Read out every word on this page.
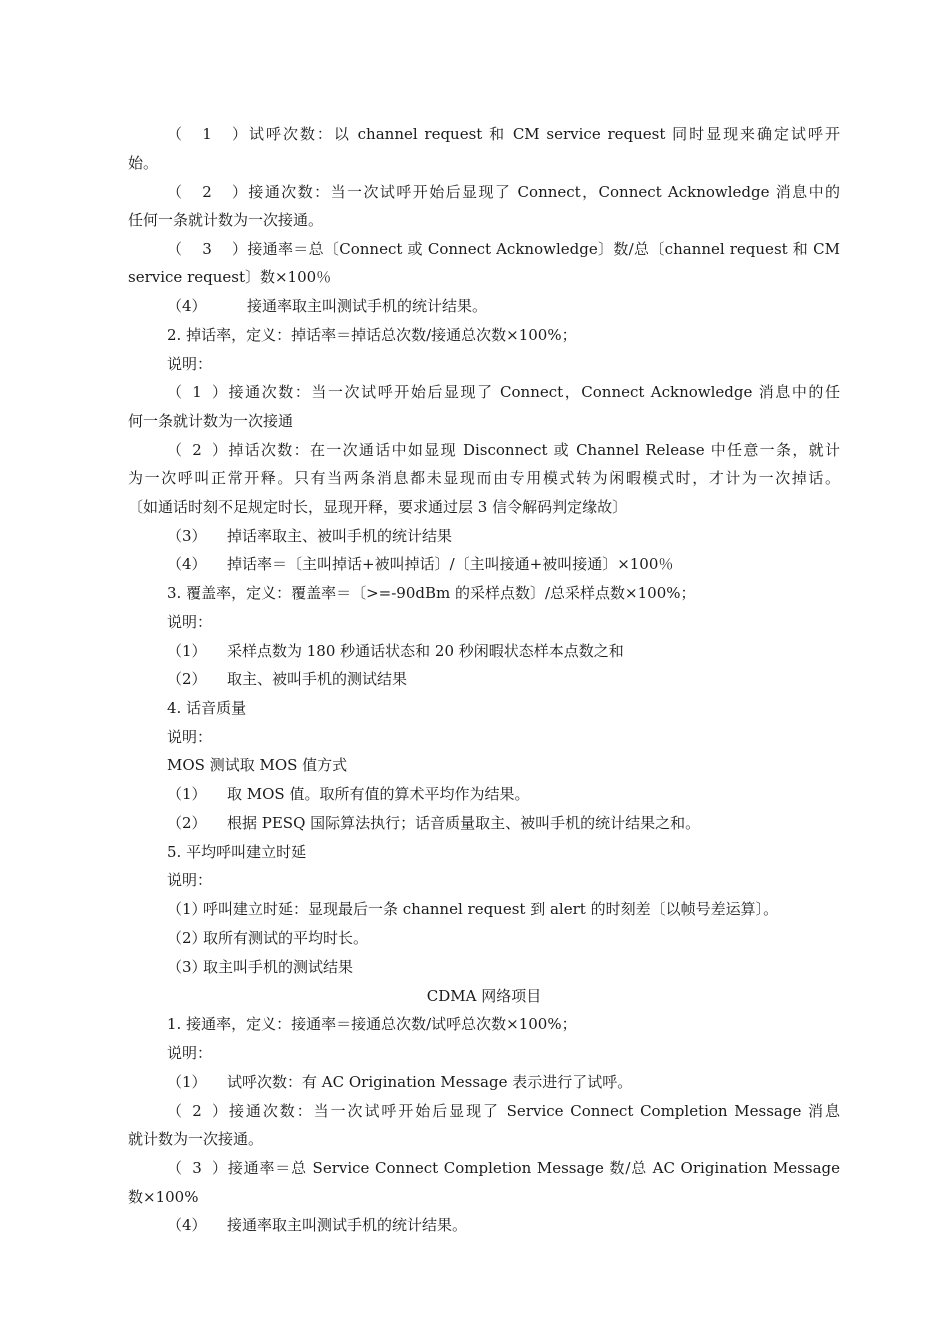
（1）试呼次数：以 channel request 和 CM service request 同时显现来确定试呼开
始。
（2）接通次数：当一次试呼开始后显现了 Connect，Connect Acknowledge 消息中的
任何一条就计数为一次接通。
（3）接通率＝总〔Connect 或 Connect Acknowledge〕数/总〔channel request 和 CM
service request〕数×100％
（4）	接通率取主叫测试手机的统计结果。
2. 掉话率，定义：掉话率＝掉话总次数/接通总次数×100%；
说明：
（1）接通次数：当一次试呼开始后显现了 Connect，Connect Acknowledge 消息中的任
何一条就计数为一次接通
（2）掉话次数：在一次通话中如显现 Disconnect 或 Channel Release 中任意一条，就计
为一次呼叫正常开释。只有当两条消息都未显现而由专用模式转为闲暇模式时，才计为一次掉话。
〔如通话时刻不足规定时长，显现开释，要求通过层 3 信令解码判定缘故〕
（3） 掉话率取主、被叫手机的统计结果
（4） 掉话率＝〔主叫掉话+被叫掉话〕/〔主叫接通+被叫接通〕×100％
3. 覆盖率，定义：覆盖率＝〔>=-90dBm 的采样点数〕/总采样点数×100%；
说明：
（1） 采样点数为 180 秒通话状态和 20 秒闲暇状态样本点数之和
（2） 取主、被叫手机的测试结果
4. 话音质量
说明：
MOS 测试取 MOS 值方式
（1） 取 MOS 值。取所有值的算术平均作为结果。
（2） 根据 PESQ 国际算法执行；话音质量取主、被叫手机的统计结果之和。
5. 平均呼叫建立时延
说明：
（1）呼叫建立时延：显现最后一条 channel request 到 alert 的时刻差〔以帧号差运算〕。
（2）取所有测试的平均时长。
（3）取主叫手机的测试结果
CDMA 网络项目
1. 接通率，定义：接通率＝接通总次数/试呼总次数×100%；
说明：
（1） 试呼次数：有 AC Origination Message 表示进行了试呼。
（2）接通次数：当一次试呼开始后显现了 Service Connect Completion Message 消息
就计数为一次接通。
（3）接通率＝总 Service Connect Completion Message 数/总 AC Origination Message
数×100%
（4） 接通率取主叫测试手机的统计结果。
